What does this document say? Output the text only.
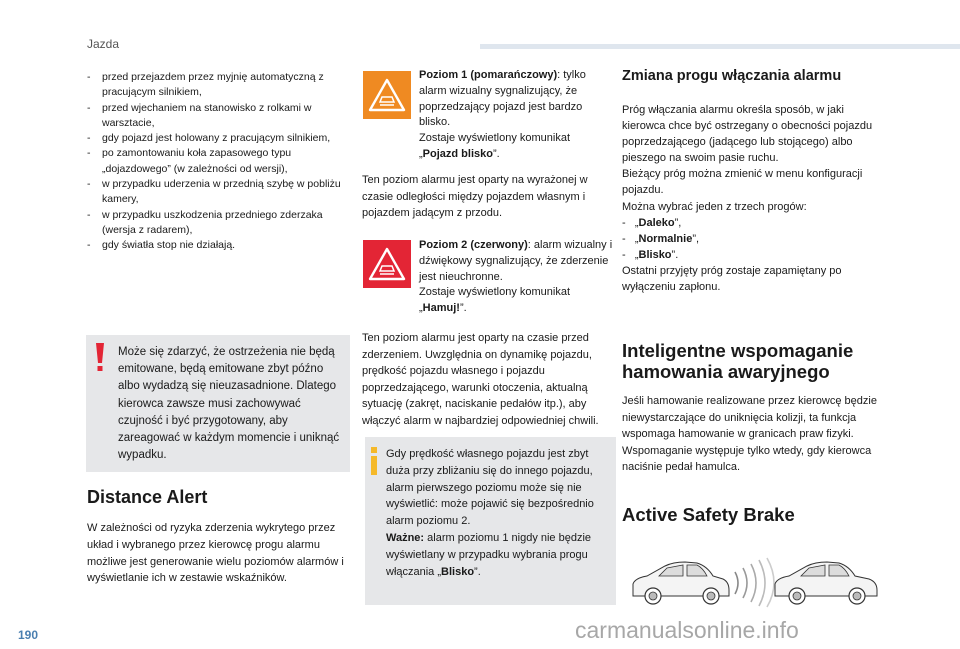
Jazda
- przed przejazdem przez myjnię automatyczną z pracującym silnikiem,
- przed wjechaniem na stanowisko z rolkami w warsztacie,
- gdy pojazd jest holowany z pracującym silnikiem,
- po zamontowaniu koła zapasowego typu „dojazdowego” (w zależności od wersji),
- w przypadku uderzenia w przednią szybę w pobliżu kamery,
- w przypadku uszkodzenia przedniego zderzaka (wersja z radarem),
- gdy światła stop nie działają.
Może się zdarzyć, że ostrzeżenia nie będą emitowane, będą emitowane zbyt późno albo wydadzą się nieuzasadnione. Dlatego kierowca zawsze musi zachowywać czujność i być przygotowany, aby zareagować w każdym momencie i uniknąć wypadku.
Distance Alert
W zależności od ryzyka zderzenia wykrytego przez układ i wybranego przez kierowcę progu alarmu możliwe jest generowanie wielu poziomów alarmów i wyświetlanie ich w zestawie wskaźników.
Poziom 1 (pomarańczowy): tylko alarm wizualny sygnalizujący, że poprzedzający pojazd jest bardzo blisko.
Zostaje wyświetlony komunikat
„Pojazd blisko”.
Ten poziom alarmu jest oparty na wyrażonej w czasie odległości między pojazdem własnym i pojazdem jadącym z przodu.
Poziom 2 (czerwony): alarm wizualny i dźwiękowy sygnalizujący, że zderzenie jest nieuchronne.
Zostaje wyświetlony komunikat
„Hamuj!”.
Ten poziom alarmu jest oparty na czasie przed zderzeniem. Uwzględnia on dynamikę pojazdu, prędkość pojazdu własnego i pojazdu poprzedzającego, warunki otoczenia, aktualną sytuację (zakręt, naciskanie pedałów itp.), aby włączyć alarm w najbardziej odpowiedniej chwili.
Gdy prędkość własnego pojazdu jest zbyt duża przy zbliżaniu się do innego pojazdu, alarm pierwszego poziomu może się nie wyświetlić: może pojawić się bezpośrednio alarm poziomu 2.
Ważne: alarm poziomu 1 nigdy nie będzie wyświetlany w przypadku wybrania progu włączania „Blisko”.
Zmiana progu włączania alarmu
Próg włączania alarmu określa sposób, w jaki kierowca chce być ostrzegany o obecności pojazdu poprzedzającego (jadącego lub stojącego) albo pieszego na swoim pasie ruchu.
Bieżący próg można zmienić w menu konfiguracji pojazdu.
Można wybrać jeden z trzech progów:
- „Daleko”,
- „Normalnie”,
- „Blisko”.
Ostatni przyjęty próg zostaje zapamiętany po wyłączeniu zapłonu.
Inteligentne wspomaganie hamowania awaryjnego
Jeśli hamowanie realizowane przez kierowcę będzie niewystarczające do uniknięcia kolizji, ta funkcja wspomaga hamowanie w granicach praw fizyki.
Wspomaganie występuje tylko wtedy, gdy kierowca naciśnie pedał hamulca.
Active Safety Brake
190	carmanualsonline.info
